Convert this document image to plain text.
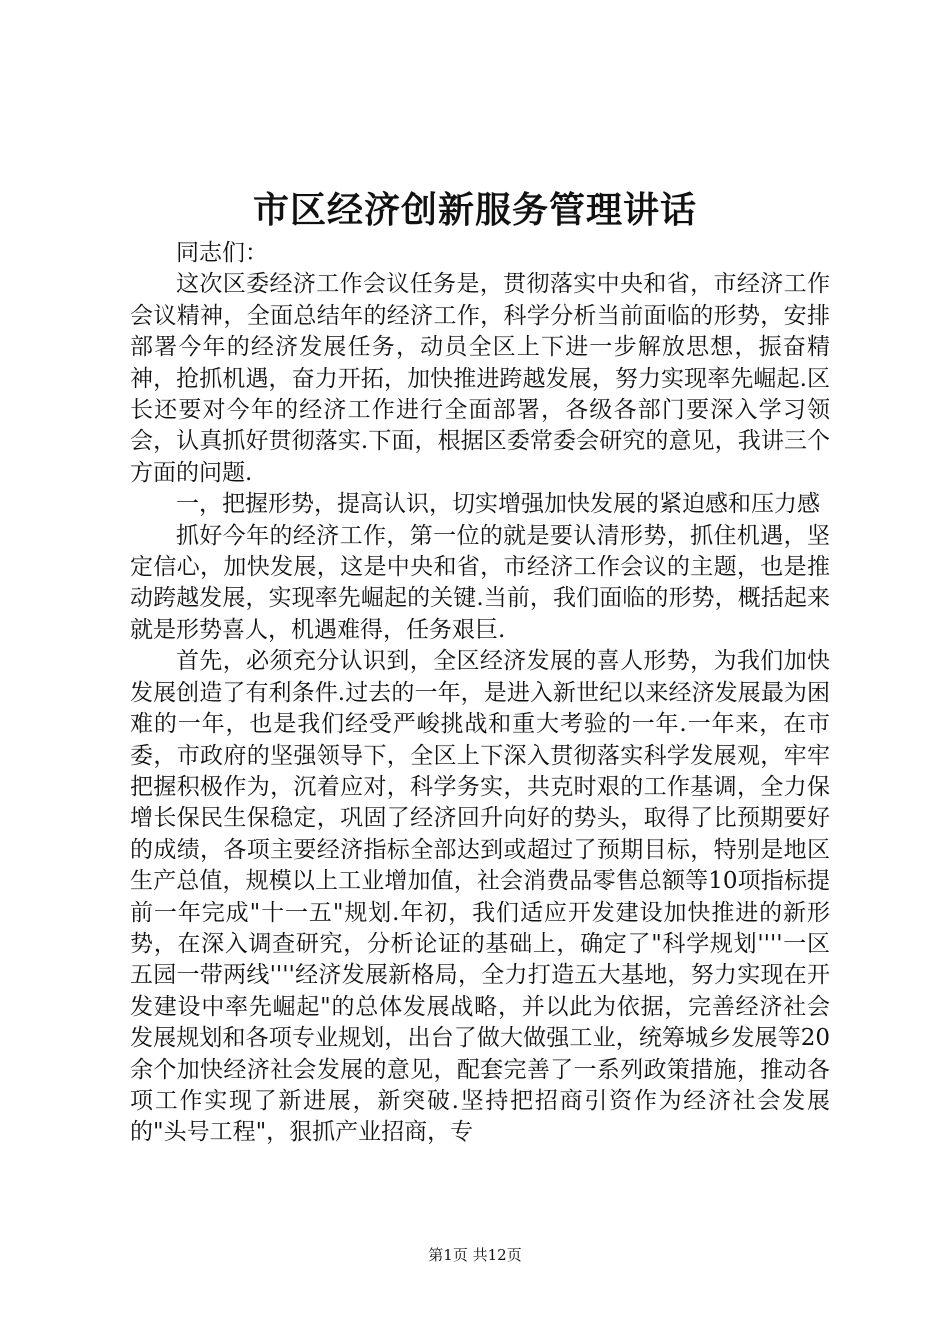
市区经济创新服务管理讲话

同志们：

这次区委经济工作会议任务是，贯彻落实中央和省，市经济工作会议精神，全面总结年的经济工作，科学分析当前面临的形势，安排部署今年的经济发展任务，动员全区上下进一步解放思想，振奋精神，抢抓机遇，奋力开拓，加快推进跨越发展，努力实现率先崛起.区长还要对今年的经济工作进行全面部署，各级各部门要深入学习领会，认真抓好贯彻落实.下面，根据区委常委会研究的意见，我讲三个方面的问题.

一，把握形势，提高认识，切实增强加快发展的紧迫感和压力感

抓好今年的经济工作，第一位的就是要认清形势，抓住机遇，坚定信心，加快发展，这是中央和省，市经济工作会议的主题，也是推动跨越发展，实现率先崛起的关键.当前，我们面临的形势，概括起来就是形势喜人，机遇难得，任务艰巨.

首先，必须充分认识到，全区经济发展的喜人形势，为我们加快发展创造了有利条件.过去的一年，是进入新世纪以来经济发展最为困难的一年，也是我们经受严峻挑战和重大考验的一年.一年来，在市委，市政府的坚强领导下，全区上下深入贯彻落实科学发展观，牢牢把握积极作为，沉着应对，科学务实，共克时艰的工作基调，全力保增长保民生保稳定，巩固了经济回升向好的势头，取得了比预期要好的成绩，各项主要经济指标全部达到或超过了预期目标，特别是地区生产总值，规模以上工业增加值，社会消费品零售总额等10项指标提前一年完成"十一五"规划.年初，我们适应开发建设加快推进的新形势，在深入调查研究，分析论证的基础上，确定了"科学规划''''一区五园一带两线''''经济发展新格局，全力打造五大基地，努力实现在开发建设中率先崛起"的总体发展战略，并以此为依据，完善经济社会发展规划和各项专业规划，出台了做大做强工业，统筹城乡发展等20余个加快经济社会发展的意见，配套完善了一系列政策措施，推动各项工作实现了新进展，新突破.坚持把招商引资作为经济社会发展的"头号工程"，狠抓产业招商，专

第1页 共12页
